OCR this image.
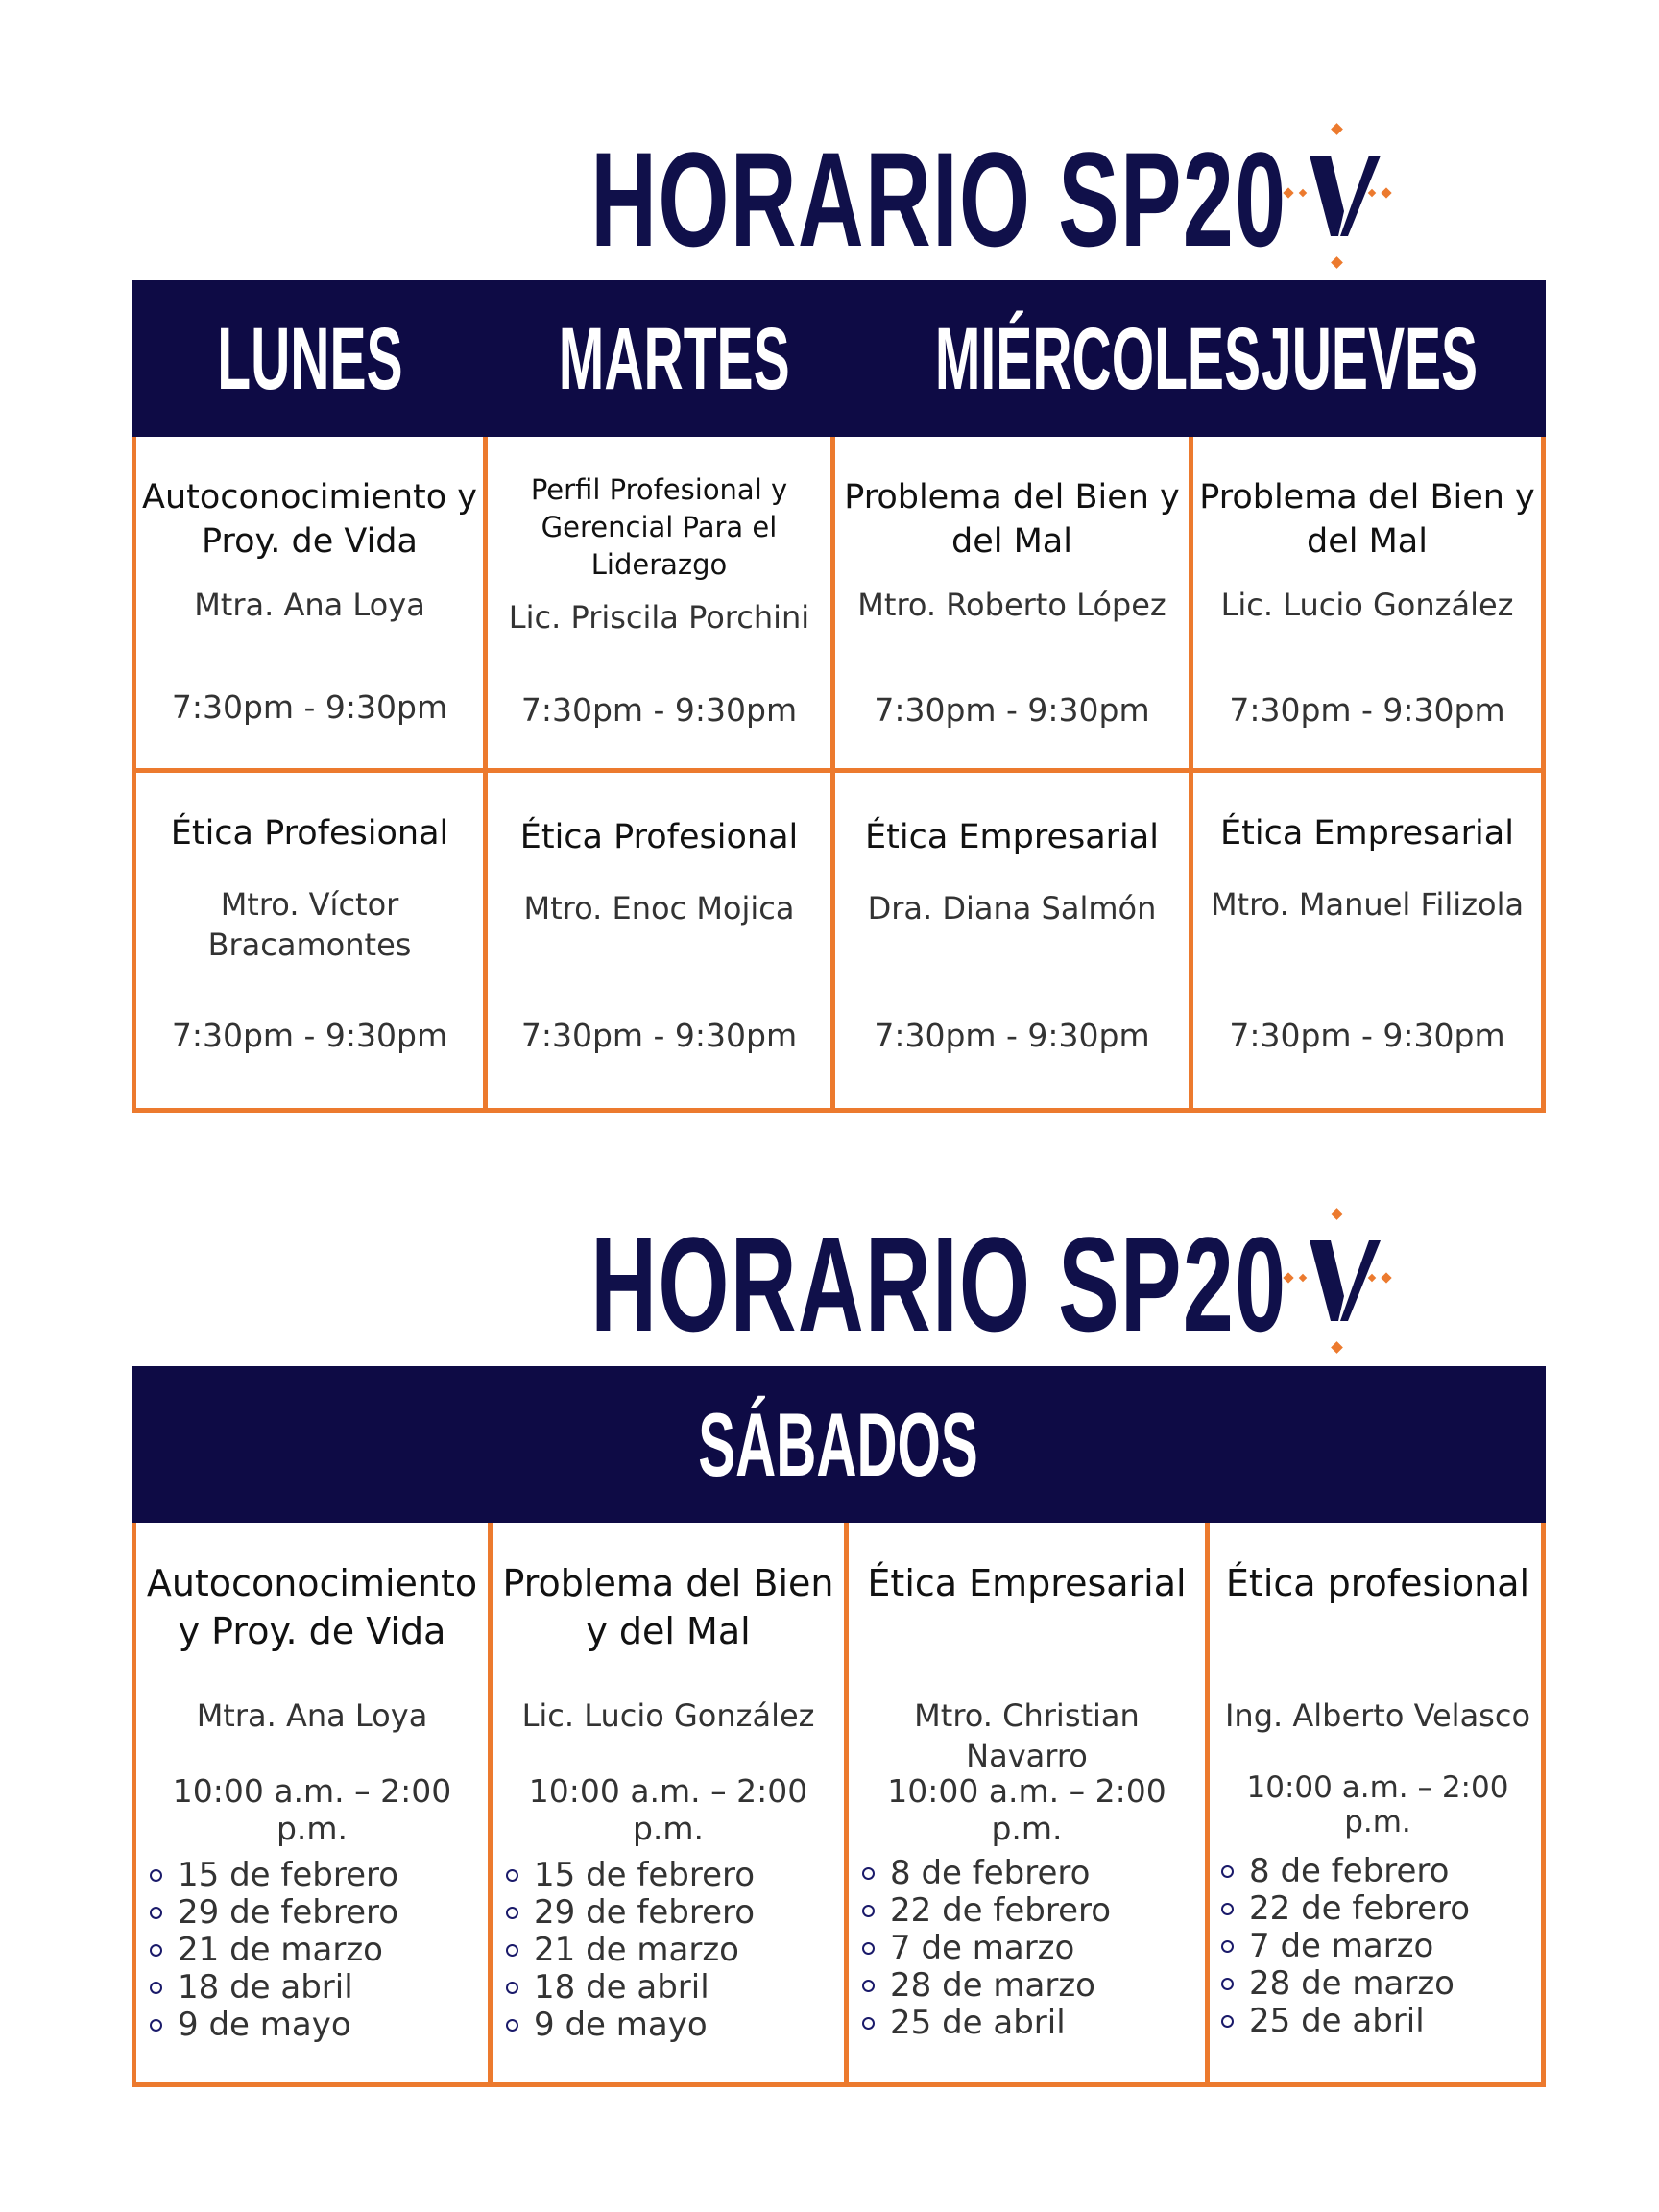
HORARIO SP20
LUNES	MARTES	MIÉRCOLES JUEVES
Autoconocimiento y Proy. de Vida
Mtra. Ana Loya
7:30pm - 9:30pm
Perfil Profesional y Gerencial Para el Liderazgo
Lic. Priscila Porchini
7:30pm - 9:30pm
Problema del Bien y del Mal
Mtro. Roberto López
7:30pm - 9:30pm
Problema del Bien y del Mal
Lic. Lucio González
7:30pm - 9:30pm
Ética Profesional
Mtro. Víctor Bracamontes
7:30pm - 9:30pm
Ética Profesional
Mtro. Enoc Mojica
7:30pm - 9:30pm
Ética Empresarial
Dra. Diana Salmón
7:30pm - 9:30pm
Ética Empresarial
Mtro. Manuel Filizola
7:30pm - 9:30pm
HORARIO SP20
SÁBADOS
Autoconocimiento y Proy. de Vida
Mtra. Ana Loya
10:00 a.m. – 2:00 p.m.
15 de febrero
29 de febrero
21 de marzo
18 de abril
9 de mayo
Problema del Bien y del Mal
Lic. Lucio González
10:00 a.m. – 2:00 p.m.
15 de febrero
29 de febrero
21 de marzo
18 de abril
9 de mayo
Ética Empresarial
Mtro. Christian Navarro
10:00 a.m. – 2:00 p.m.
8 de febrero
22 de febrero
7 de marzo
28 de marzo
25 de abril
Ética profesional
Ing. Alberto Velasco
10:00 a.m. – 2:00 p.m.
8 de febrero
22 de febrero
7 de marzo
28 de marzo
25 de abril
